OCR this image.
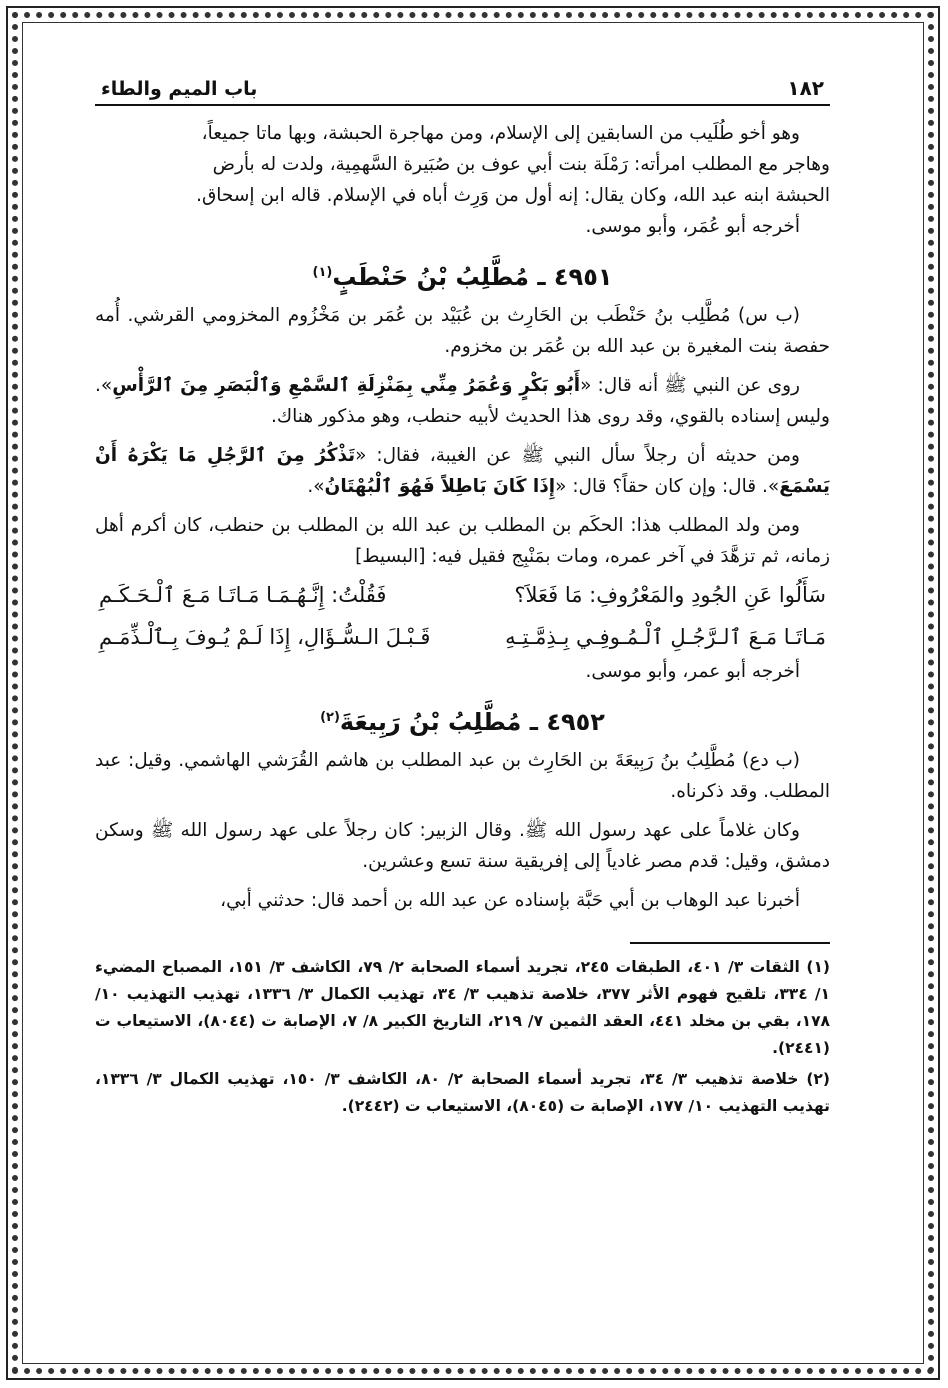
١٨٢
باب الميم والطاء

وهو أخو طُلَيب من السابقين إلى الإسلام، ومن مهاجرة الحبشة، وبها ماتا جميعاً،

وهاجر مع المطلب امرأته: رَمْلَة بنت أبي عوف بن صُبَيرة السَّهمِية، ولدت له بأرض

الحبشة ابنه عبد الله، وكان يقال: إنه أول من وَرِث أباه في الإسلام. قاله ابن إسحاق.

أخرجه أبو عُمَر، وأبو موسى.

٤٩٥١ ـ مُطَّلِبُ بْنُ حَنْطَبٍ$^{(١)}$

(ب س) مُطَّلِب بنُ حَنْطَب بن الحَارِث بن عُبَيْد بن عُمَر بن مَخْزُوم المخزومي القرشي. أُمه حفصة بنت المغيرة بن عبد الله بن عُمَر بن مخزوم.

روى عن النبي ﷺ أنه قال: «أَبُو بَكْرٍ وَعُمَرُ مِنِّي بِمَنْزِلَةِ ٱلسَّمْعِ وَٱلْبَصَرِ مِنَ ٱلرَّأْسِ». وليس إسناده بالقوي، وقد روى هذا الحديث لأبيه حنطب، وهو مذكور هناك.

ومن حديثه أن رجلاً سأل النبي ﷺ عن الغيبة، فقال: «تَذْكُرُ مِنَ ٱلرَّجُلِ مَا يَكْرَهُ أَنْ يَسْمَعَ». قال: وإن كان حقاً؟ قال: «إِذَا كَانَ بَاطِلاً فَهُوَ ٱلْبُهْتَانُ».

ومن ولد المطلب هذا: الحكَم بن المطلب بن عبد الله بن المطلب بن حنطب، كان أكرم أهل زمانه، ثم تزهَّدَ في آخر عمره، ومات بمَنْبِج فقيل فيه: [البسيط]

سَأَلُوا عَنِ الجُودِ والمَعْرُوفِ: مَا فَعَلاَ؟
فَقُلْتُ: إِنَّـهُـمَـا مَـاتَـا مَـعَ ٱلْـحَـكَـمِ
مَـاتَـا مَـعَ ٱلـرَّجُـلِ ٱلْـمُـوفِـي بِـذِمَّـتِـهِ
قَـبْـلَ الـسُّـؤَالِ، إِذَا لَـمْ يُـوفَ بِـٱلْـذِّمَـمِ

أخرجه أبو عمر، وأبو موسى.

٤٩٥٢ ـ مُطَّلِبُ بْنُ رَبِيعَةَ$^{(٢)}$

(ب دع) مُطَّلِبُ بنُ رَبِيعَةَ بن الحَارِث بن عبد المطلب بن هاشم القُرَشي الهاشمي. وقيل: عبد المطلب. وقد ذكرناه.

وكان غلاماً على عهد رسول الله ﷺ. وقال الزبير: كان رجلاً على عهد رسول الله ﷺ وسكن دمشق، وقيل: قدم مصر غادياً إلى إفريقية سنة تسع وعشرين.

أخبرنا عبد الوهاب بن أبي حَبَّة بإسناده عن عبد الله بن أحمد قال: حدثني أبي،

(١) الثقات ٣/ ٤٠١، الطبقات ٢٤٥، تجريد أسماء الصحابة ٢/ ٧٩، الكاشف ٣/ ١٥١، المصباح المضيء ١/ ٣٣٤، تلقيح فهوم الأثر ٣٧٧، خلاصة تذهيب ٣/ ٣٤، تهذيب الكمال ٣/ ١٣٣٦، تهذيب التهذيب ١٠/ ١٧٨، بقي بن مخلد ٤٤١، العقد الثمين ٧/ ٢١٩، التاريخ الكبير ٨/ ٧، الإصابة ت (٨٠٤٤)، الاستيعاب ت (٢٤٤١).

(٢) خلاصة تذهيب ٣/ ٣٤، تجريد أسماء الصحابة ٢/ ٨٠، الكاشف ٣/ ١٥٠، تهذيب الكمال ٣/ ١٣٣٦، تهذيب التهذيب ١٠/ ١٧٧، الإصابة ت (٨٠٤٥)، الاستيعاب ت (٢٤٤٢).
